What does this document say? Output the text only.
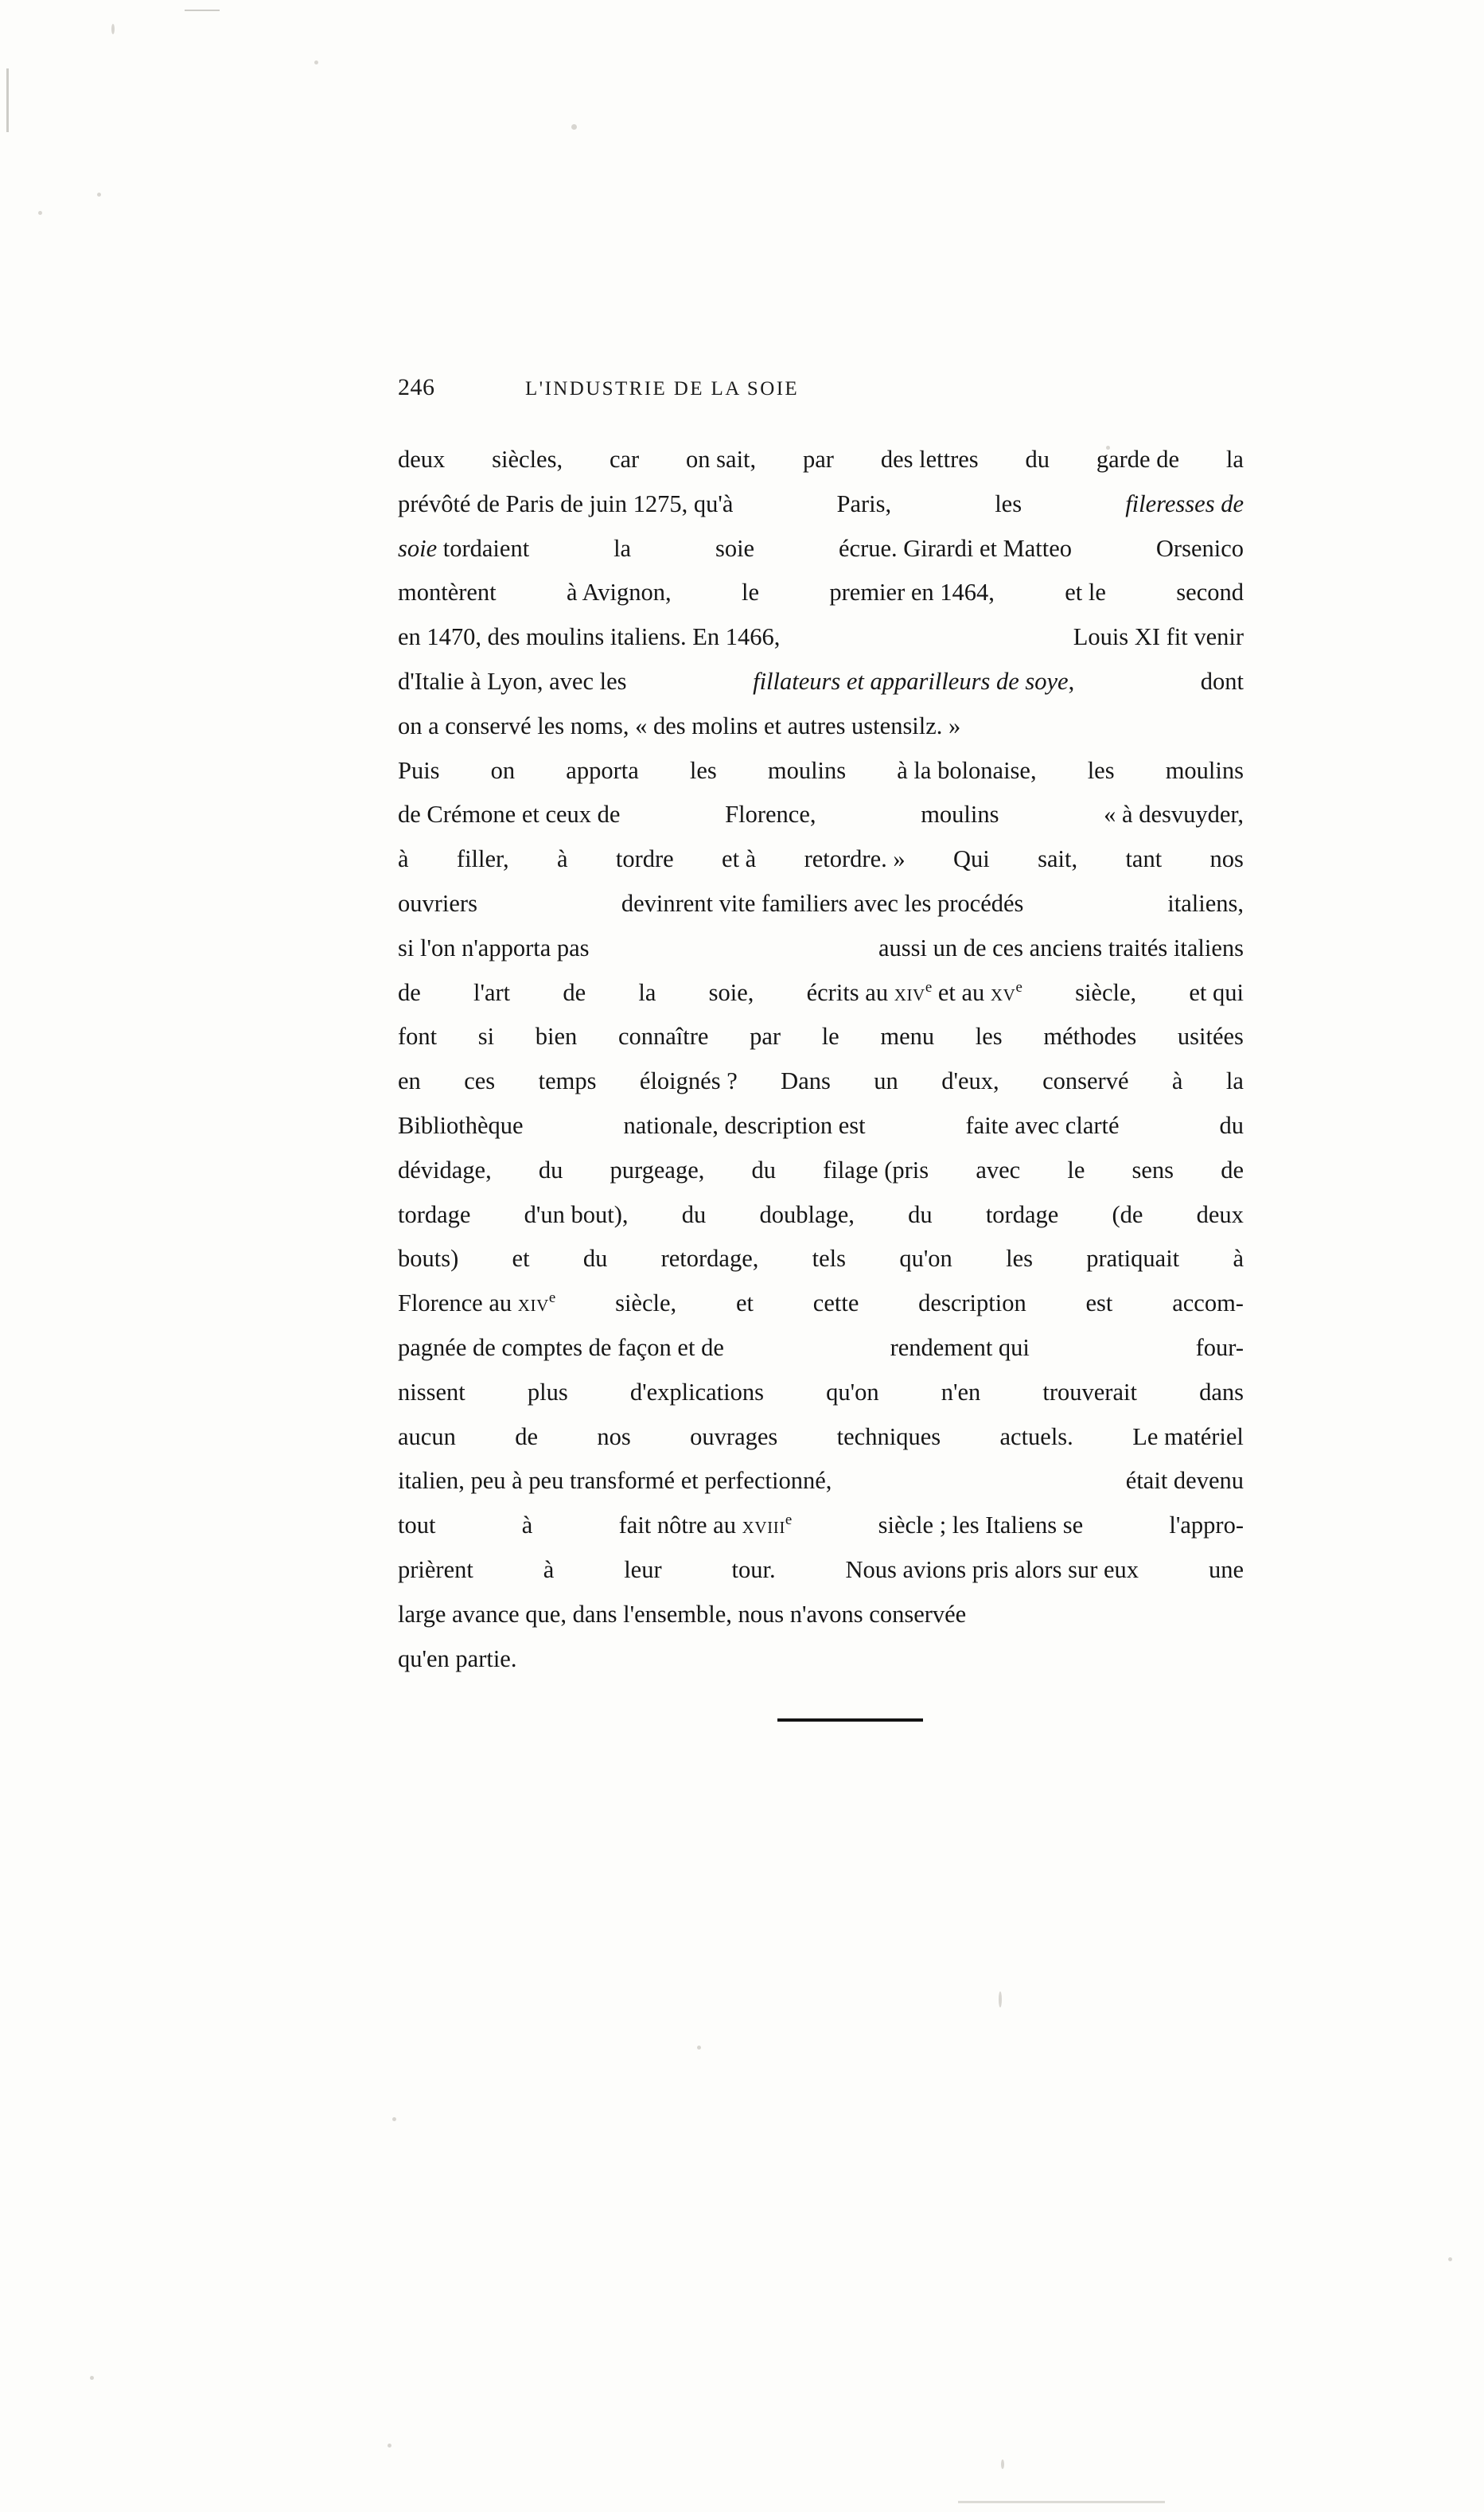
246	L'INDUSTRIE DE LA SOIE

deux siècles, car on sait, par des lettres du garde de la
prévôté de Paris de juin 1275, qu'à	Paris,	les	fileresses de
soie tordaient	la	soie	écrue. Girardi et Matteo	Orsenico
montèrent	à Avignon,	le	premier en 1464,	et le	second
en 1470, des moulins italiens. En 1466,	Louis XI fit venir
d'Italie à Lyon, avec les	fillateurs et apparilleurs de soye,	dont
on a conservé les noms, « des molins et autres ustensilz. »
Puis on apporta les moulins à la bolonaise, les moulins
de Crémone et ceux de	Florence,	moulins	« à desvuyder,
à filler, à tordre et à retordre. » Qui sait, tant nos
ouvriers	devinrent vite familiers avec les procédés	italiens,
si l'on n'apporta pas	aussi un de ces anciens traités italiens
de l'art de la soie, écrits au xiv$^e$ et au $xv^e$ siècle, et qui
font si bien connaître par le menu les méthodes usitées
en ces temps éloignés ? Dans un d'eux, conservé à la
Bibliothèque	nationale, description est	faite avec clarté	du
dévidage, du purgeage, du filage (pris avec le sens de
tordage d'un bout), du doublage, du tordage (de deux
bouts) et du retordage, tels qu'on les pratiquait à
Florence au xiv$^e$ siècle, et cette description est accom-
pagnée de comptes de façon et de	rendement qui	four-
nissent	plus	d'explications	qu'on	n'en	trouverait	dans
aucun de nos ouvrages techniques actuels. Le matériel
italien, peu à peu transformé et perfectionné,	était devenu
tout	à	fait nôtre au xviii$^e$	siècle ; les Italiens se	l'appro-
prièrent	à	leur	tour.	Nous avions pris alors sur eux	une
large avance que, dans l'ensemble, nous n'avons conservée
qu'en partie.
